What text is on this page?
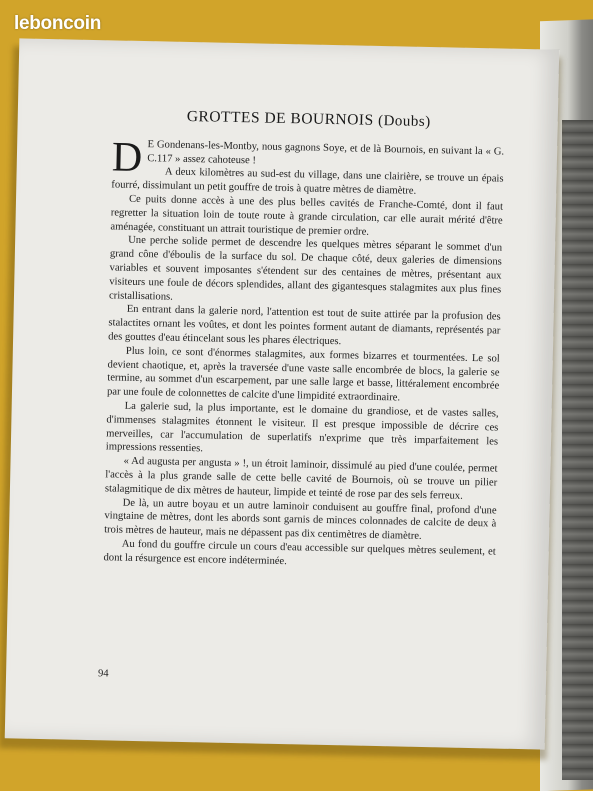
leboncoin
GROTTES DE BOURNOIS (Doubs)

D E Gondenans-les-Montby, nous gagnons Soye, et de là Bournois, en suivant la « G. C.117 » assez cahoteuse !

A deux kilomètres au sud-est du village, dans une clairière, se trouve un épais fourré, dissimulant un petit gouffre de trois à quatre mètres de diamètre.

Ce puits donne accès à une des plus belles cavités de Franche-Comté, dont il faut regretter la situation loin de toute route à grande circulation, car elle aurait mérité d'être aménagée, constituant un attrait touristique de premier ordre.

Une perche solide permet de descendre les quelques mètres séparant le sommet d'un grand cône d'éboulis de la surface du sol. De chaque côté, deux galeries de dimensions variables et souvent imposantes s'étendent sur des centaines de mètres, présentant aux visiteurs une foule de décors splendides, allant des gigantesques stalagmites aux plus fines cristallisations.

En entrant dans la galerie nord, l'attention est tout de suite attirée par la profusion des stalactites ornant les voûtes, et dont les pointes forment autant de diamants, représentés par des gouttes d'eau étincelant sous les phares électriques.

Plus loin, ce sont d'énormes stalagmites, aux formes bizarres et tourmentées. Le sol devient chaotique, et, après la traversée d'une vaste salle encombrée de blocs, la galerie se termine, au sommet d'un escarpement, par une salle large et basse, littéralement encombrée par une foule de colonnettes de calcite d'une limpidité extraordinaire.

La galerie sud, la plus importante, est le domaine du grandiose, et de vastes salles, d'immenses stalagmites étonnent le visiteur. Il est presque impossible de décrire ces merveilles, car l'accumulation de superlatifs n'exprime que très imparfaitement les impressions ressenties.

« Ad augusta per angusta » !, un étroit laminoir, dissimulé au pied d'une coulée, permet l'accès à la plus grande salle de cette belle cavité de Bournois, où se trouve un pilier stalagmitique de dix mètres de hauteur, limpide et teinté de rose par des sels ferreux.

De là, un autre boyau et un autre laminoir conduisent au gouffre final, profond d'une vingtaine de mètres, dont les abords sont garnis de minces colonnades de calcite de deux à trois mètres de hauteur, mais ne dépassent pas dix centimètres de diamètre.

Au fond du gouffre circule un cours d'eau accessible sur quelques mètres seulement, et dont la résurgence est encore indéterminée.

94
